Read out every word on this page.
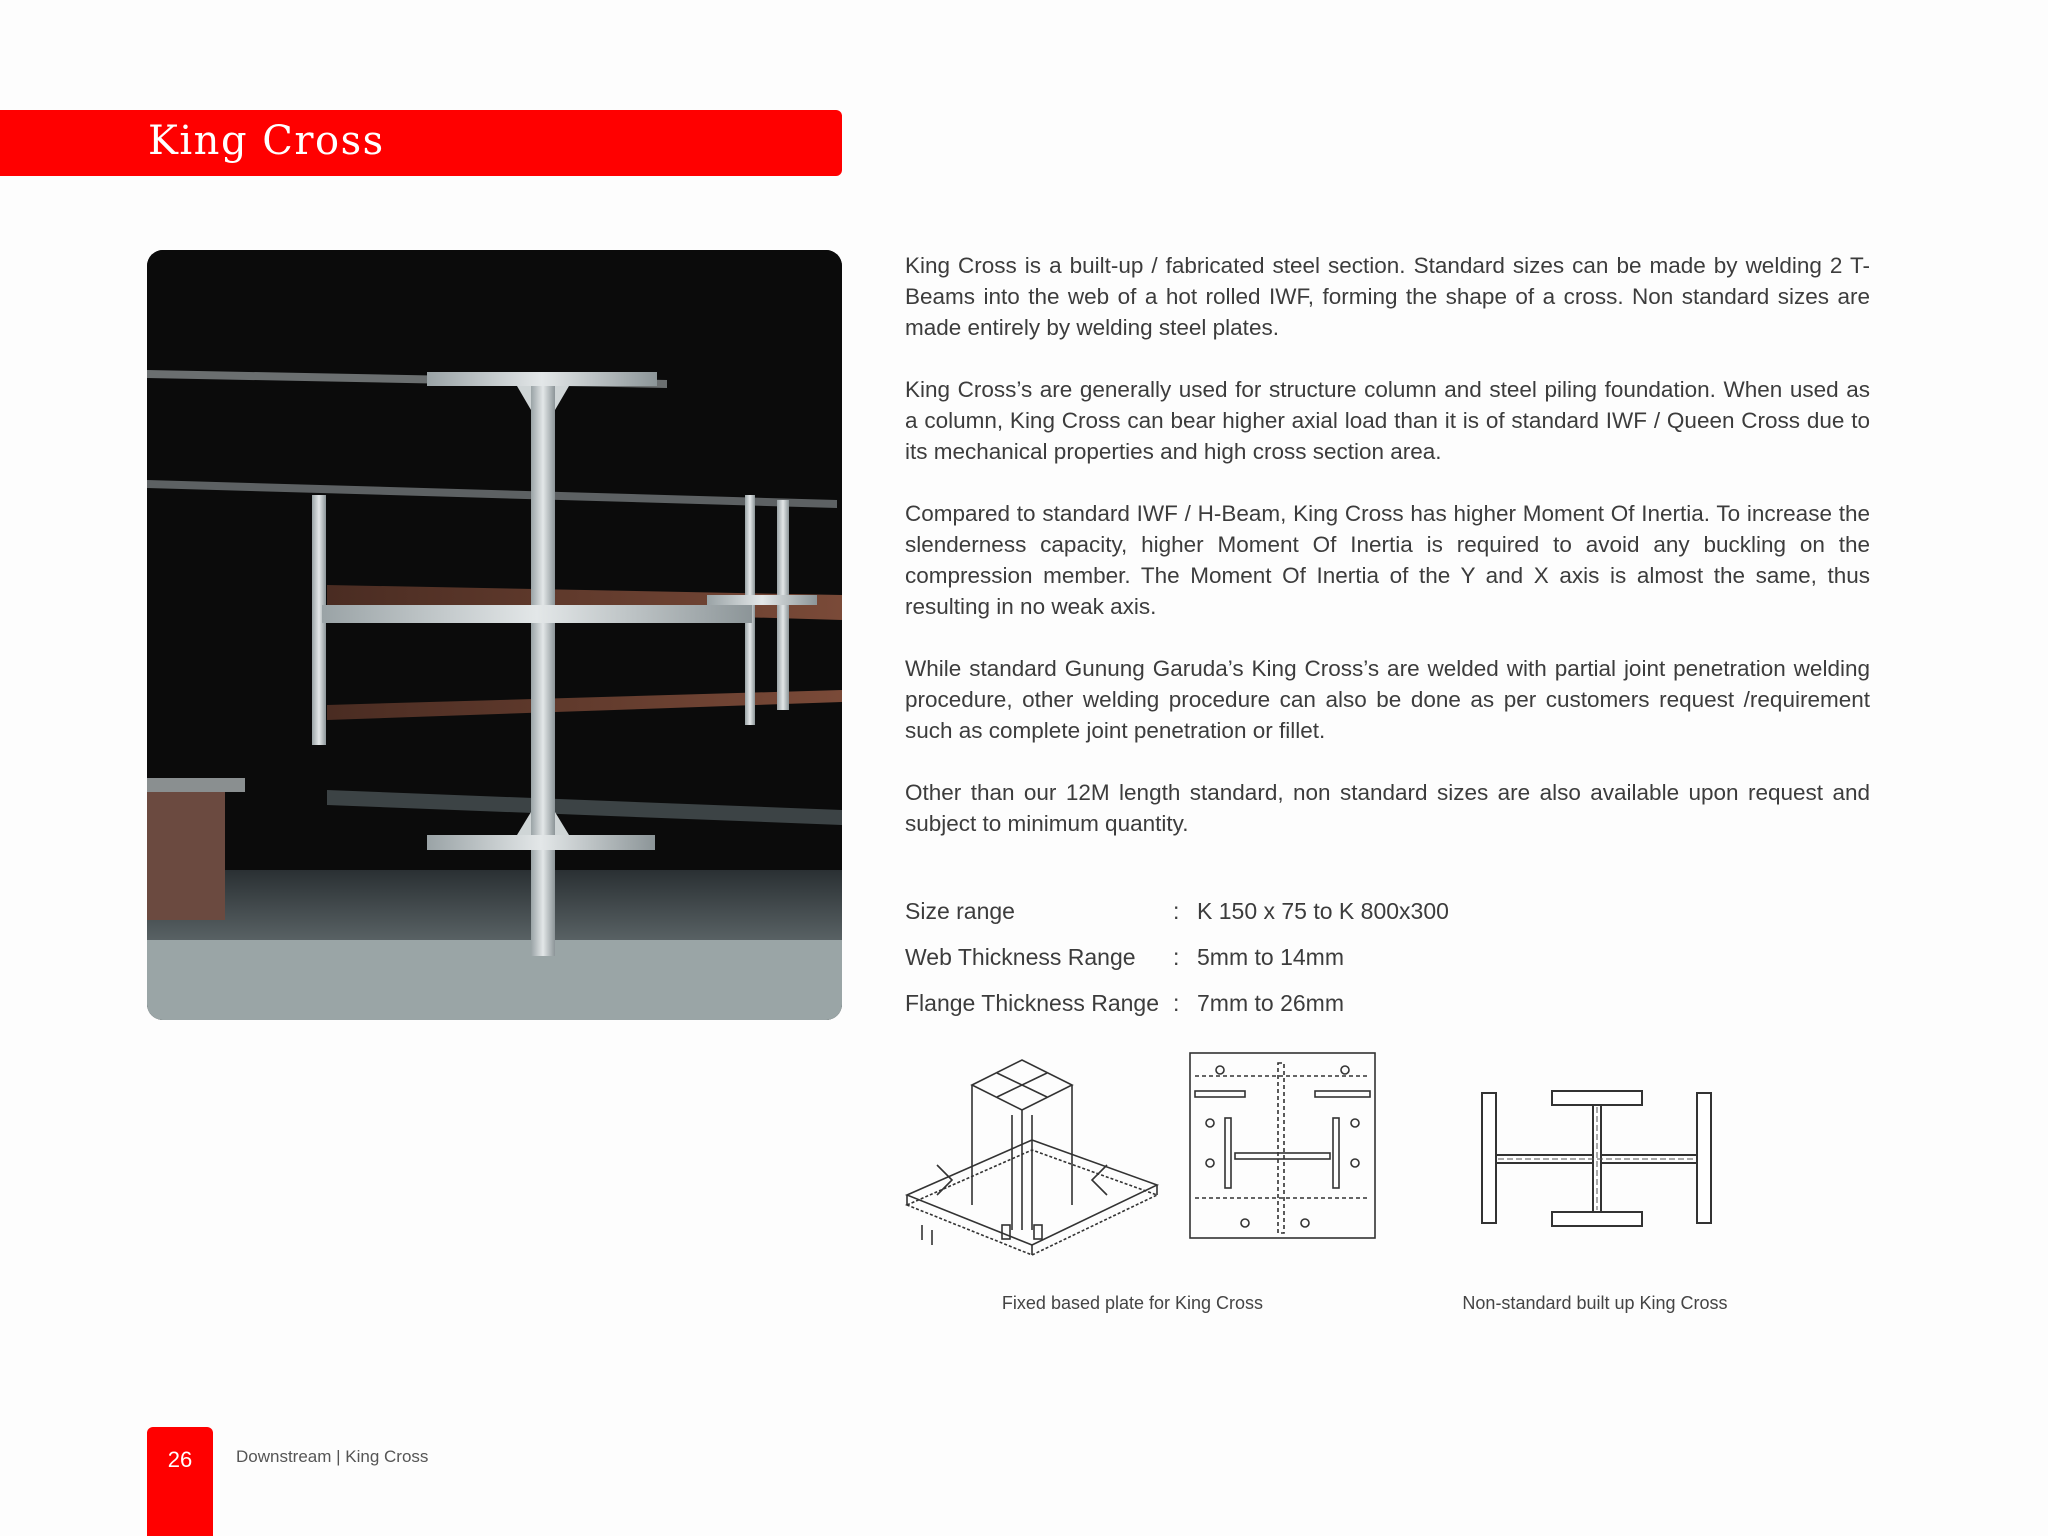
King Cross

King Cross is a built-up / fabricated steel section. Standard sizes can be made by welding 2 T-Beams into the web of a hot rolled IWF, forming the shape of a cross. Non standard sizes are made entirely by welding steel plates.

King Cross’s are generally used for structure column and steel piling foundation. When used as a column, King Cross can bear higher axial load than it is of standard IWF / Queen Cross due to its mechanical properties and high cross section area.

Compared to standard IWF / H-Beam, King Cross has higher Moment Of Inertia. To increase the slenderness capacity, higher Moment Of Inertia is required to avoid any buckling on the compression member. The Moment Of Inertia of the Y and X axis is almost the same, thus resulting in no weak axis.

While standard Gunung Garuda’s King Cross’s are welded with partial joint penetration welding procedure, other welding procedure can also be done as per customers request /requirement such as complete joint penetration or fillet.

Other than our 12M length standard, non standard sizes are also available upon request and subject to minimum quantity.

Size range	: K 150 x 75 to K 800x300
Web Thickness Range	: 5mm to 14mm
Flange Thickness Range : 7mm to 26mm
Fixed based plate for King Cross	Non-standard built up King Cross
26	Downstream | King Cross
